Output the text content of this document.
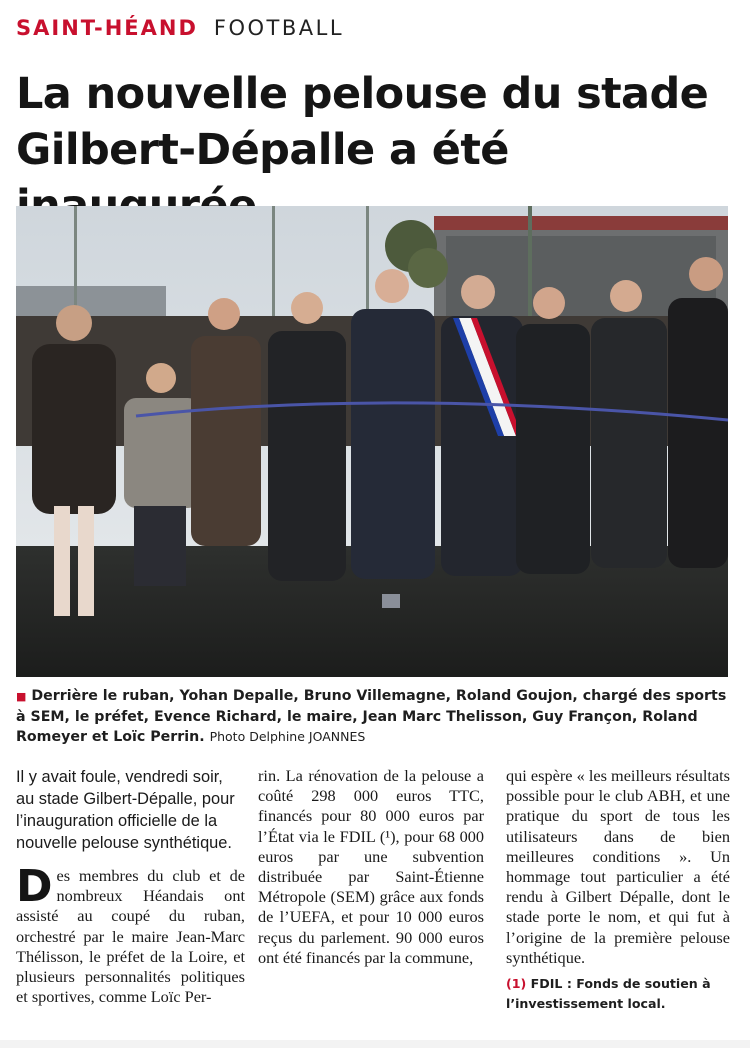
SAINT-HÉAND FOOTBALL
La nouvelle pelouse du stade Gilbert-Dépalle a été

■ Derrière le ruban, Yohan Depalle, Bruno Villemagne, Roland Goujon, chargé des sports à SEM, le préfet, Evence Richard, le maire, Jean Marc Thelisson, Guy Françon, Roland Romeyer et Loïc Perrin. Photo Delphine JOANNES

Il y avait foule, vendredi soir, au stade Gilbert-Dépalle, pour l’inauguration officielle de la nouvelle pelouse synthétique.

Des membres du club et de nombreux Héandais ont assisté au coupé du ruban, orchestré par le maire Jean-Marc Thélisson, le préfet de la Loire, et plusieurs personnalités politiques et sportives, comme Loïc Per-

rin. La rénovation de la pelouse a coûté 298 000 euros TTC, financés pour 80 000 euros par l’État via le FDIL (¹), pour 68 000 euros par une subvention distribuée par Saint-Étienne Métropole (SEM) grâce aux fonds de l’UEFA, et pour 10 000 euros reçus du parlement. 90 000 euros ont été financés par la commune,

qui espère « les meilleurs résultats possible pour le club ABH, et une pratique du sport de tous les utilisateurs dans de bien meilleures conditions ». Un hommage tout particulier a été rendu à Gilbert Dépalle, dont le stade porte le nom, et qui fut à l’origine de la première pelouse synthétique.

(1) FDIL : Fonds de soutien à l’investissement local.
